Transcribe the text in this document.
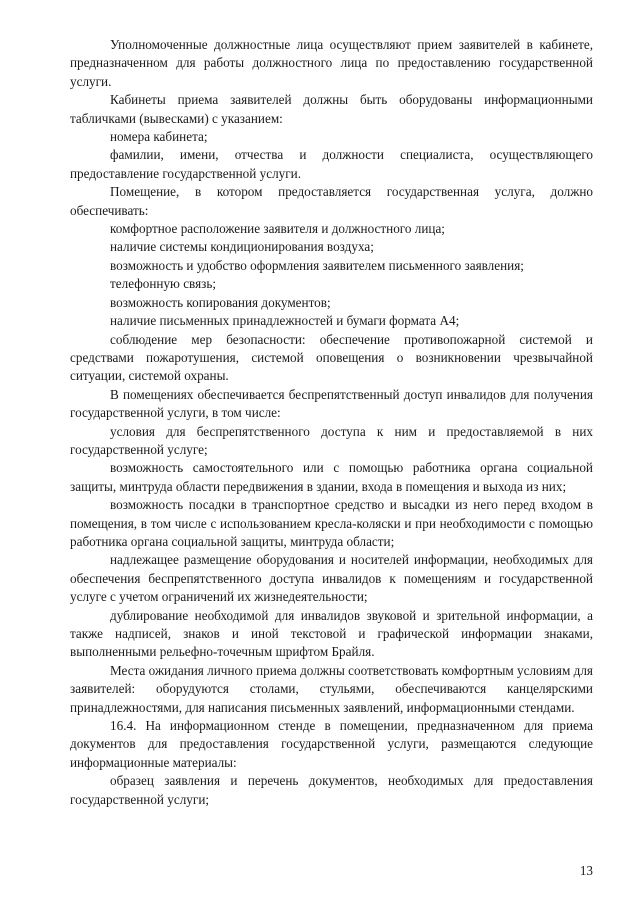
Уполномоченные должностные лица осуществляют прием заявителей в кабинете, предназначенном для работы должностного лица по предоставлению государственной услуги.

Кабинеты приема заявителей должны быть оборудованы информационными табличками (вывесками) с указанием:

номера кабинета;

фамилии, имени, отчества и должности специалиста, осуществляющего предоставление государственной услуги.

Помещение, в котором предоставляется государственная услуга, должно обеспечивать:

комфортное расположение заявителя и должностного лица;

наличие системы кондиционирования воздуха;

возможность и удобство оформления заявителем письменного заявления;

телефонную связь;

возможность копирования документов;

наличие письменных принадлежностей и бумаги формата А4;

соблюдение мер безопасности: обеспечение противопожарной системой и средствами пожаротушения, системой оповещения о возникновении чрезвычайной ситуации, системой охраны.

В помещениях обеспечивается беспрепятственный доступ инвалидов для получения государственной услуги, в том числе:

условия для беспрепятственного доступа к ним и предоставляемой в них государственной услуге;

возможность самостоятельного или с помощью работника органа социальной защиты, минтруда области передвижения в здании, входа в помещения и выхода из них;

возможность посадки в транспортное средство и высадки из него перед входом в помещения, в том числе с использованием кресла-коляски и при необходимости с помощью работника органа социальной защиты, минтруда области;

надлежащее размещение оборудования и носителей информации, необходимых для обеспечения беспрепятственного доступа инвалидов к помещениям и государственной услуге с учетом ограничений их жизнедеятельности;

дублирование необходимой для инвалидов звуковой и зрительной информации, а также надписей, знаков и иной текстовой и графической информации знаками, выполненными рельефно-точечным шрифтом Брайля.

Места ожидания личного приема должны соответствовать комфортным условиям для заявителей: оборудуются столами, стульями, обеспечиваются канцелярскими принадлежностями, для написания письменных заявлений, информационными стендами.

16.4. На информационном стенде в помещении, предназначенном для приема документов для предоставления государственной услуги, размещаются следующие информационные материалы:

образец заявления и перечень документов, необходимых для предоставления государственной услуги;

13
